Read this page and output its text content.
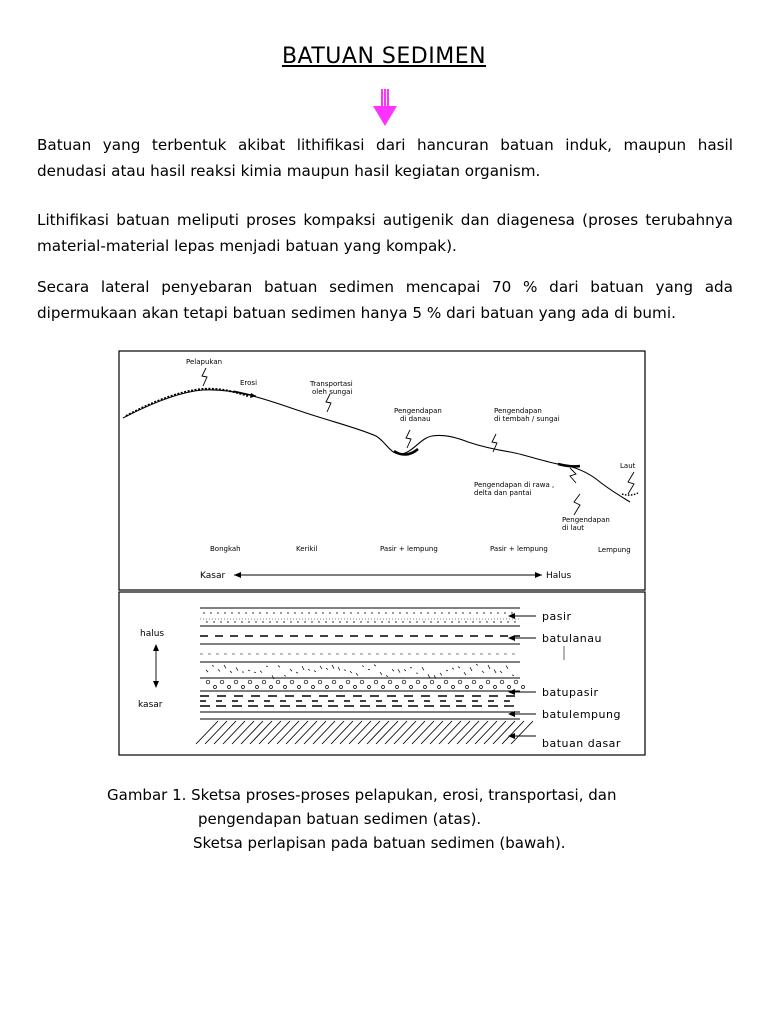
BATUAN SEDIMEN
Batuan yang terbentuk akibat lithifikasi dari hancuran batuan induk, maupun hasil denudasi atau hasil reaksi kimia maupun hasil kegiatan organism.
Lithifikasi batuan meliputi proses kompaksi autigenik dan diagenesa (proses terubahnya material-material lepas menjadi batuan yang kompak).
Secara lateral penyebaran batuan sedimen mencapai 70 % dari batuan yang ada dipermukaan akan tetapi batuan sedimen hanya 5 % dari batuan yang ada di bumi.
Pelapukan
Erosi	Transportasi
oleh sungai
Pengendapan
di danau
Pengendapan
di tembah / sungai
Laut
Pengendapan di rawa ,
delta dan pantai
Pengendapan
di laut
Bongkah	Kerikil	Pasir + lempung	Pasir + lempung	Lempung
Kasar	Halus
halus
kasar
pasir
batulanau
batupasir
batulempung
batuan dasar
Gambar 1. Sketsa proses-proses pelapukan, erosi, transportasi, dan
pengendapan batuan sedimen (atas).
Sketsa perlapisan pada batuan sedimen (bawah).
